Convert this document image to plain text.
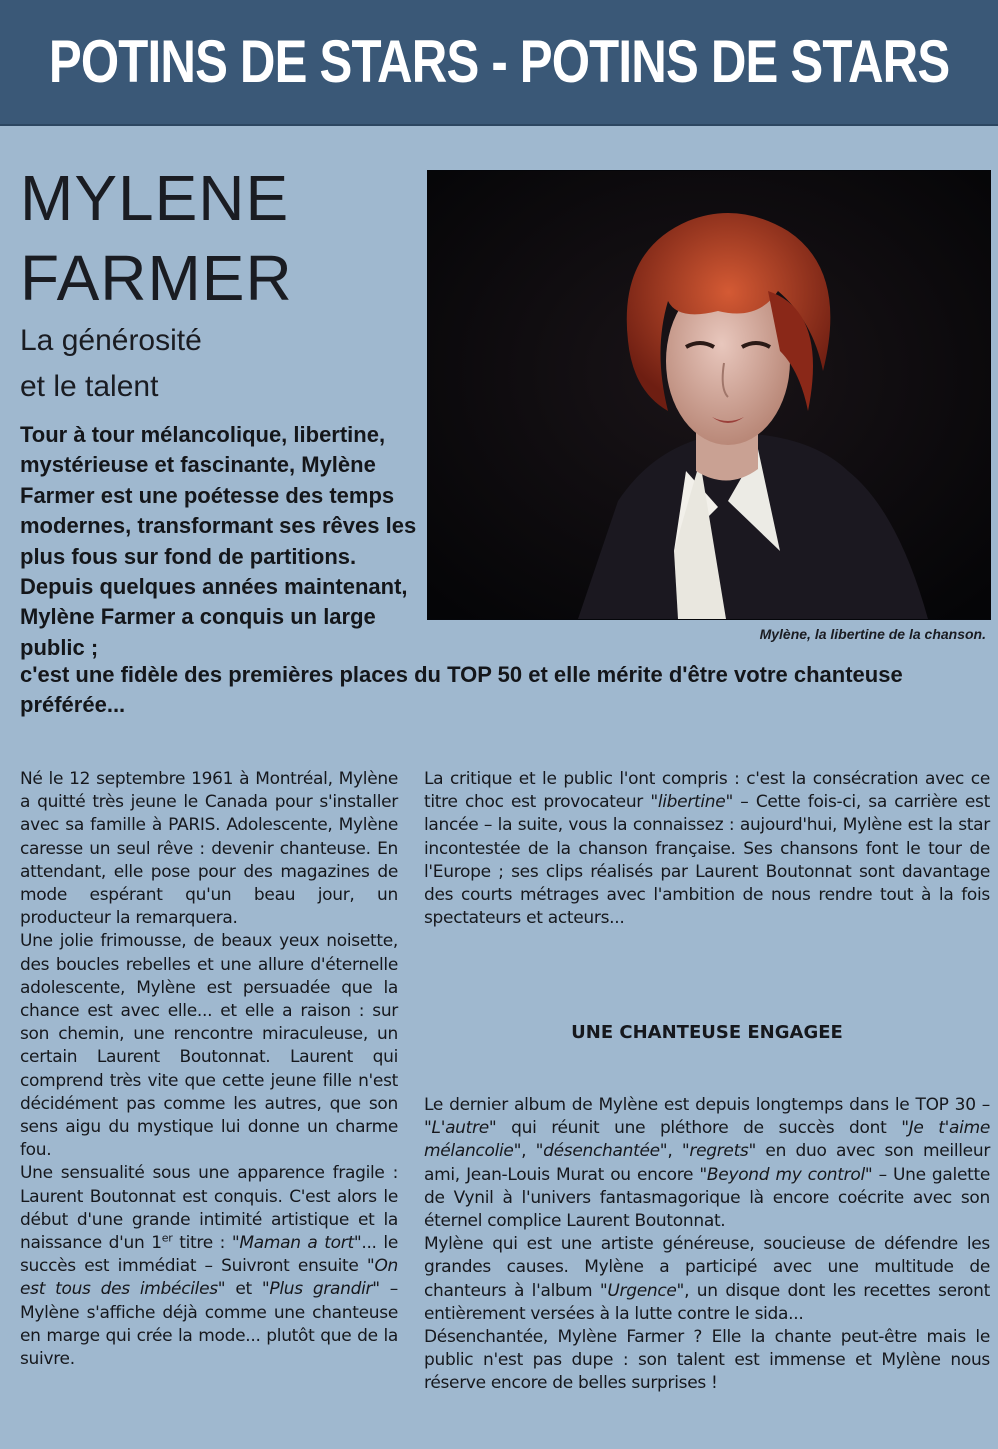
POTINS DE STARS - POTINS DE STARS
MYLENE
FARMER
La générosité
et le talent
Tour à tour mélancolique, libertine, mystérieuse et fascinante, Mylène Farmer est une poétesse des temps modernes, transformant ses rêves les plus fous sur fond de partitions. Depuis quelques années maintenant, Mylène Farmer a conquis un large public ;
c'est une fidèle des premières places du TOP 50 et elle mérite d'être votre chanteuse préférée...
Mylène, la libertine de la chanson.

Né le 12 septembre 1961 à Montréal, Mylène a quitté très jeune le Canada pour s'installer avec sa famille à PARIS. Adolescente, Mylène caresse un seul rêve : devenir chanteuse. En attendant, elle pose pour des magazines de mode espérant qu'un beau jour, un producteur la remarquera.

Une jolie frimousse, de beaux yeux noisette, des boucles rebelles et une allure d'éternelle adolescente, Mylène est persuadée que la chance est avec elle... et elle a raison : sur son chemin, une rencontre miraculeuse, un certain Laurent Boutonnat. Laurent qui comprend très vite que cette jeune fille n'est décidément pas comme les autres, que son sens aigu du mystique lui donne un charme fou.

Une sensualité sous une apparence fragile : Laurent Boutonnat est conquis. C'est alors le début d'une grande intimité artistique et la naissance d'un 1er titre : "Maman a tort"... le succès est immédiat – Suivront ensuite "On est tous des imbéciles" et "Plus grandir" – Mylène s'affiche déjà comme une chanteuse en marge qui crée la mode... plutôt que de la suivre.

La critique et le public l'ont compris : c'est la consécration avec ce titre choc est provocateur "libertine" – Cette fois-ci, sa carrière est lancée – la suite, vous la connaissez : aujourd'hui, Mylène est la star incontestée de la chanson française. Ses chansons font le tour de l'Europe ; ses clips réalisés par Laurent Boutonnat sont davantage des courts métrages avec l'ambition de nous rendre tout à la fois spectateurs et acteurs...

UNE CHANTEUSE ENGAGEE

Le dernier album de Mylène est depuis longtemps dans le TOP 30 – "L'autre" qui réunit une pléthore de succès dont "Je t'aime mélancolie", "désenchantée", "regrets" en duo avec son meilleur ami, Jean-Louis Murat ou encore "Beyond my control" – Une galette de Vynil à l'univers fantasmagorique là encore coécrite avec son éternel complice Laurent Boutonnat.

Mylène qui est une artiste généreuse, soucieuse de défendre les grandes causes. Mylène a participé avec une multitude de chanteurs à l'album "Urgence", un disque dont les recettes seront entièrement versées à la lutte contre le sida...

Désenchantée, Mylène Farmer ? Elle la chante peut-être mais le public n'est pas dupe : son talent est immense et Mylène nous réserve encore de belles surprises !
